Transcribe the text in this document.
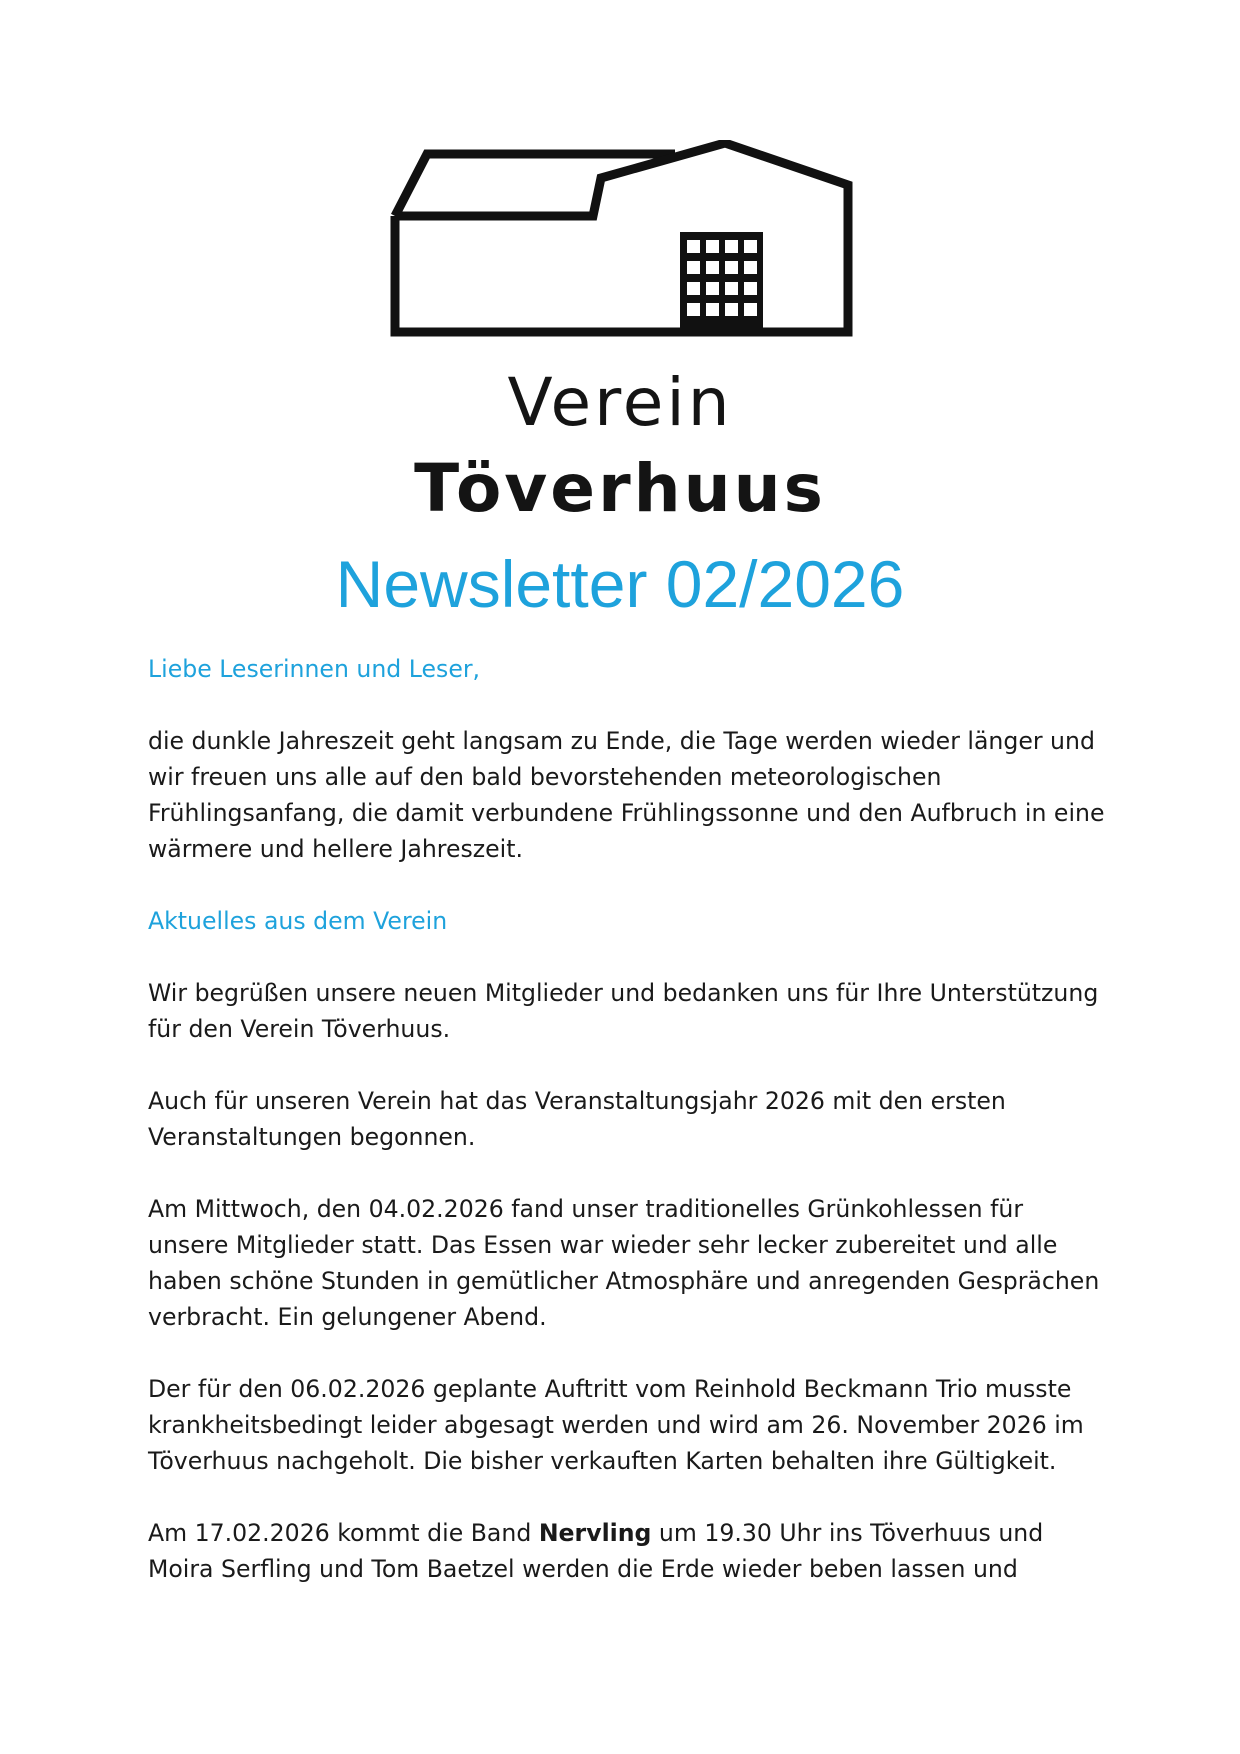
Verein
Töverhuus
Newsletter 02/2026

Liebe Leserinnen und Leser,

die dunkle Jahreszeit geht langsam zu Ende, die Tage werden wieder länger und wir freuen uns alle auf den bald bevorstehenden meteorologischen Frühlingsanfang, die damit verbundene Frühlingssonne und den Aufbruch in eine wärmere und hellere Jahreszeit.

Aktuelles aus dem Verein

Wir begrüßen unsere neuen Mitglieder und bedanken uns für Ihre Unterstützung für den Verein Töverhuus.

Auch für unseren Verein hat das Veranstaltungsjahr 2026 mit den ersten Veranstaltungen begonnen.

Am Mittwoch, den 04.02.2026 fand unser traditionelles Grünkohlessen für unsere Mitglieder statt. Das Essen war wieder sehr lecker zubereitet und alle haben schöne Stunden in gemütlicher Atmosphäre und anregenden Gesprächen verbracht. Ein gelungener Abend.

Der für den 06.02.2026 geplante Auftritt vom Reinhold Beckmann Trio musste krankheitsbedingt leider abgesagt werden und wird am 26. November 2026 im Töverhuus nachgeholt. Die bisher verkauften Karten behalten ihre Gültigkeit.

Am 17.02.2026 kommt die Band Nervling um 19.30 Uhr ins Töverhuus und Moira Serfling und Tom Baetzel werden die Erde wieder beben lassen und
